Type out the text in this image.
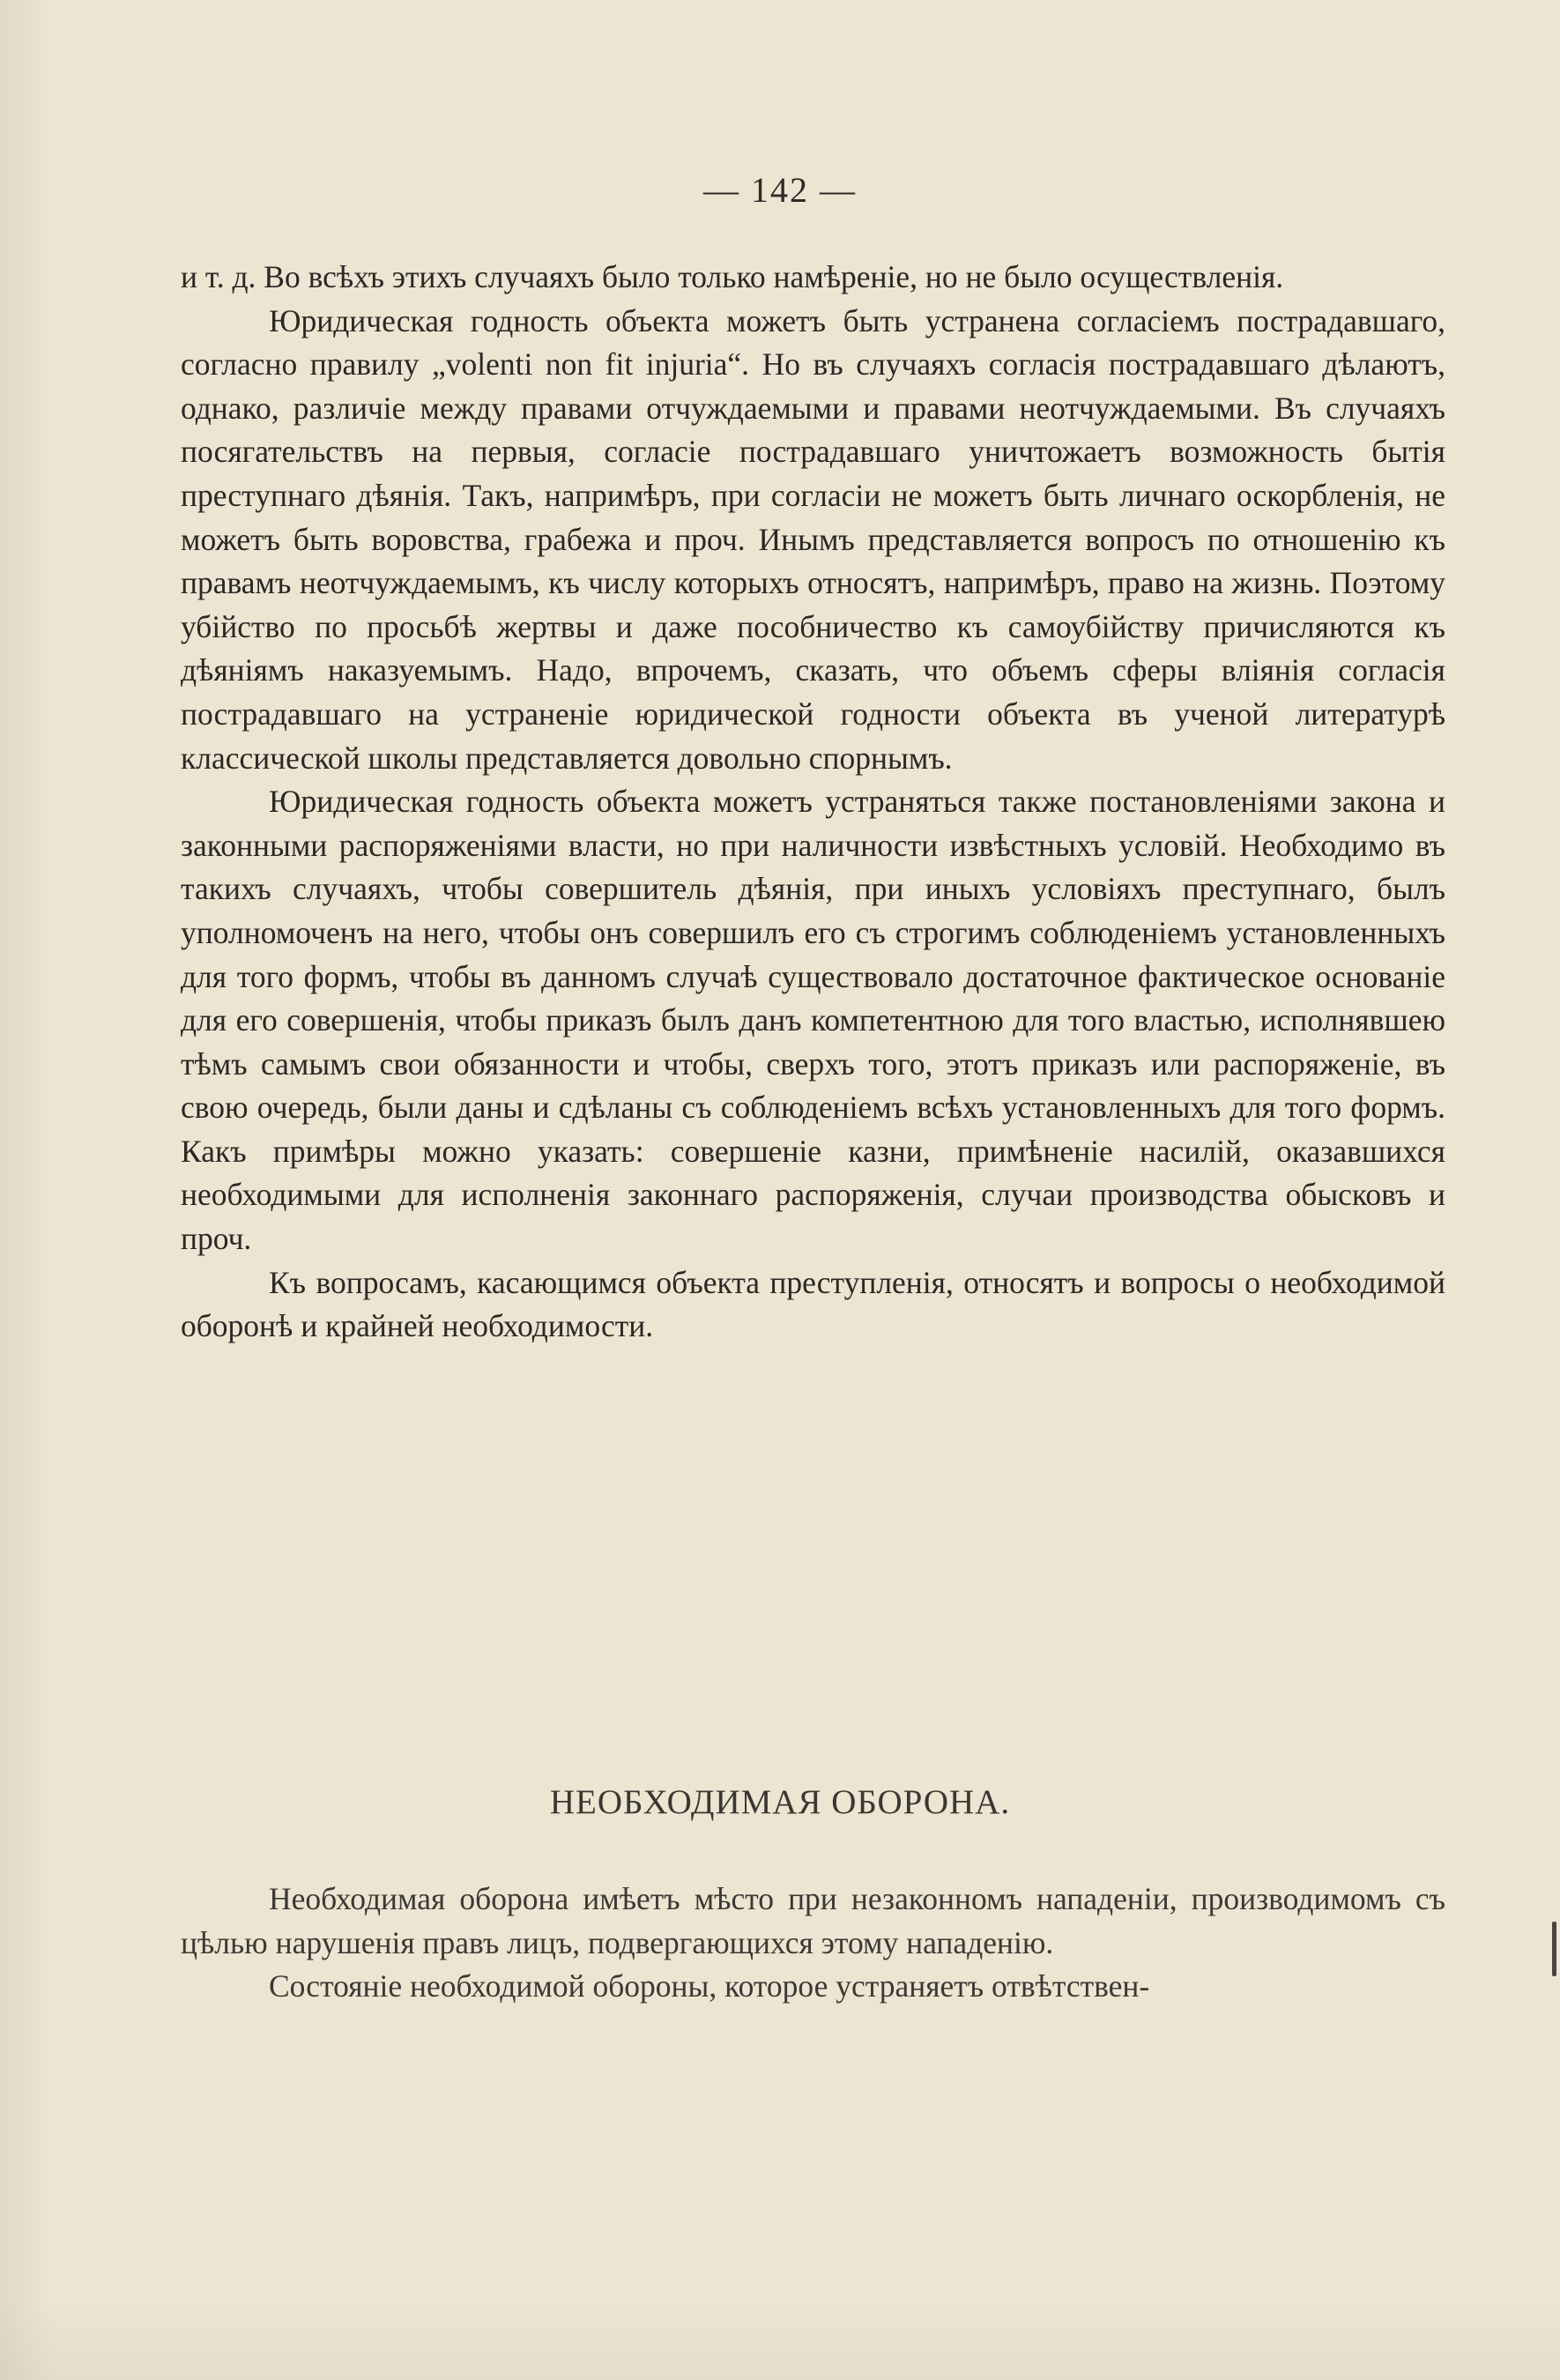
— 142 —

и т. д. Во всѣхъ этихъ случаяхъ было только намѣреніе, но не было осуществленія.

Юридическая годность объекта можетъ быть устранена согласіемъ пострадавшаго, согласно правилу „volenti non fit injuria“. Но въ случаяхъ согласія пострадавшаго дѣлаютъ, однако, различіе между правами отчуждаемыми и правами неотчуждаемыми. Въ случаяхъ посягательствъ на первыя, согласіе пострадавшаго уничтожаетъ возможность бытія преступнаго дѣянія. Такъ, напримѣръ, при согласіи не можетъ быть личнаго оскорбленія, не можетъ быть воровства, грабежа и проч. Инымъ представляется вопросъ по отношенію къ правамъ неотчуждаемымъ, къ числу которыхъ относятъ, напримѣръ, право на жизнь. Поэтому убійство по просьбѣ жертвы и даже пособничество къ самоубійству причисляются къ дѣяніямъ наказуемымъ. Надо, впрочемъ, сказать, что объемъ сферы вліянія согласія пострадавшаго на устраненіе юридической годности объекта въ ученой литературѣ классической школы представляется довольно спорнымъ.

Юридическая годность объекта можетъ устраняться также постановленіями закона и законными распоряженіями власти, но при наличности извѣстныхъ условій. Необходимо въ такихъ случаяхъ, чтобы совершитель дѣянія, при иныхъ условіяхъ преступнаго, былъ уполномоченъ на него, чтобы онъ совершилъ его съ строгимъ соблюденіемъ установленныхъ для того формъ, чтобы въ данномъ случаѣ существовало достаточное фактическое основаніе для его совершенія, чтобы приказъ былъ данъ компетентною для того властью, исполнявшею тѣмъ самымъ свои обязанности и чтобы, сверхъ того, этотъ приказъ или распоряженіе, въ свою очередь, были даны и сдѣланы съ соблюденіемъ всѣхъ установленныхъ для того формъ. Какъ примѣры можно указать: совершеніе казни, примѣненіе насилій, оказавшихся необходимыми для исполненія законнаго распоряженія, случаи производства обысковъ и проч.

Къ вопросамъ, касающимся объекта преступленія, относятъ и вопросы о необходимой оборонѣ и крайней необходимости.

НЕОБХОДИМАЯ ОБОРОНА.

Необходимая оборона имѣетъ мѣсто при незаконномъ нападеніи, производимомъ съ цѣлью нарушенія правъ лицъ, подвергающихся этому нападенію.

Состояніе необходимой обороны, которое устраняетъ отвѣтствен-
